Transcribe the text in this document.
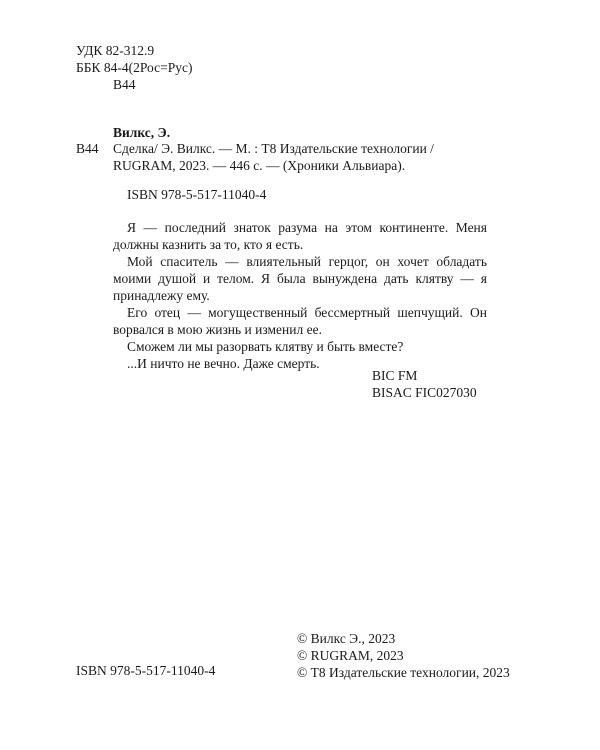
УДК 82-312.9
ББК 84-4(2Рос=Рус)
В44
Вилкс, Э.
В44 Сделка/ Э. Вилкс. — М. : Т8 Издательские технологии /
RUGRAM, 2023. — 446 с. — (Хроники Альвиара).
ISBN 978-5-517-11040-4

Я — последний знаток разума на этом континенте. Меня должны казнить за то, кто я есть.

Мой спаситель — влиятельный герцог, он хочет обладать моими душой и телом. Я была вынуждена дать клятву — я принадлежу ему.

Его отец — могущественный бессмертный шепчущий. Он ворвался в мою жизнь и изменил ее.

Сможем ли мы разорвать клятву и быть вместе?

...И ничто не вечно. Даже смерть.

BIC FM
BISAC FIC027030
ISBN 978-5-517-11040-4
© Вилкс Э., 2023
© RUGRAM, 2023
© Т8 Издательские технологии, 2023
